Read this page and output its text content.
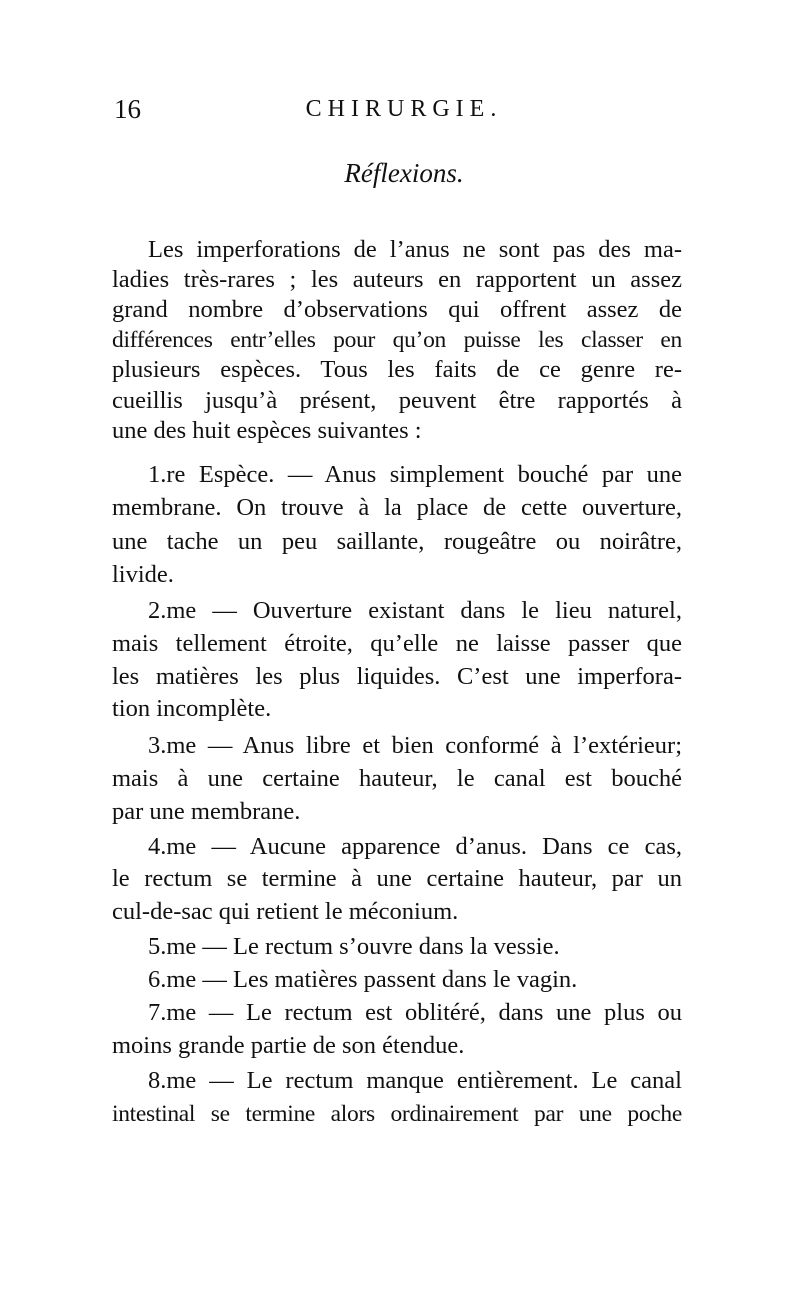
16	CHIRURGIE.
Réflexions.

Les imperforations de l’anus ne sont pas des ma-

ladies très-rares ; les auteurs en rapportent un assez

grand nombre d’observations qui offrent assez de

différences entr’elles pour qu’on puisse les classer en

plusieurs espèces. Tous les faits de ce genre re-

cueillis jusqu’à présent, peuvent être rapportés à

une des huit espèces suivantes :

1.re Espèce. — Anus simplement bouché par une

membrane. On trouve à la place de cette ouverture,

une tache un peu saillante, rougeâtre ou noirâtre,

livide.

2.me — Ouverture existant dans le lieu naturel,

mais tellement étroite, qu’elle ne laisse passer que

les matières les plus liquides. C’est une imperfora-

tion incomplète.

3.me — Anus libre et bien conformé à l’extérieur;

mais à une certaine hauteur, le canal est bouché

par une membrane.

4.me — Aucune apparence d’anus. Dans ce cas,

le rectum se termine à une certaine hauteur, par un

cul-de-sac qui retient le méconium.

5.me — Le rectum s’ouvre dans la vessie.

6.me — Les matières passent dans le vagin.

7.me — Le rectum est oblitéré, dans une plus ou

moins grande partie de son étendue.

8.me — Le rectum manque entièrement. Le canal

intestinal se termine alors ordinairement par une poche
